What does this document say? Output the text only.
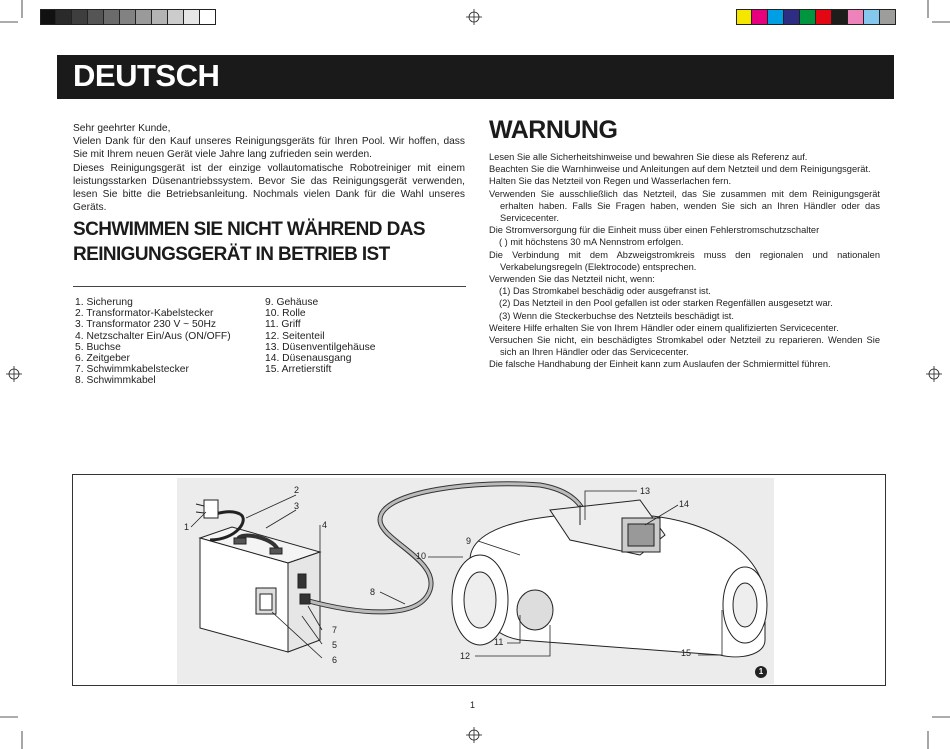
DEUTSCH

Sehr geehrter Kunde,

Vielen Dank für den Kauf unseres Reinigungsgeräts für Ihren Pool. Wir hoffen, dass Sie mit Ihrem neuen Gerät viele Jahre lang zufrieden sein werden.

Dieses Reinigungsgerät ist der einzige vollautomatische Robotreiniger mit einem leistungsstarken Düsenantriebssystem. Bevor Sie das Reinigungsgerät verwenden, lesen Sie bitte die Betriebsanleitung. Nochmals vielen Dank für die Wahl unseres Geräts.

SCHWIMMEN SIE NICHT WÄHREND DAS
REINIGUNGSGERÄT IN BETRIEB IST
1. Sicherung
2. Transformator-Kabelstecker
3. Transformator 230 V ~ 50Hz
4. Netzschalter Ein/Aus (ON/OFF)
5. Buchse
6. Zeitgeber
7. Schwimmkabelstecker
8. Schwimmkabel
9. Gehäuse
10. Rolle
11. Griff
12. Seitenteil
13. Düsenventilgehäuse
14. Düsenausgang
15. Arretierstift
WARNUNG

Lesen Sie alle Sicherheitshinweise und bewahren Sie diese als Referenz auf.

Beachten Sie die Warnhinweise und Anleitungen auf dem Netzteil und dem Reinigungsgerät.

Halten Sie das Netzteil von Regen und Wasserlachen fern.

Verwenden Sie ausschließlich das Netzteil, das Sie zusammen mit dem Reinigungsgerät erhalten haben. Falls Sie Fragen haben, wenden Sie sich an Ihren Händler oder das Servicecenter.

Die Stromversorgung für die Einheit muss über einen Fehlerstromschutzschalter

( ) mit höchstens 30 mA Nennstrom erfolgen.

Die Verbindung mit dem Abzweigstromkreis muss den regionalen und nationalen Verkabelungsregeln (Elektrocode) entsprechen.

Verwenden Sie das Netzteil nicht, wenn:

(1) Das Stromkabel beschädig oder ausgefranst ist.

(2) Das Netzteil in den Pool gefallen ist oder starken Regenfällen ausgesetzt war.

(3) Wenn die Steckerbuchse des Netzteils beschädigt ist.

Weitere Hilfe erhalten Sie von Ihrem Händler oder einem qualifizierten Servicecenter.

Versuchen Sie nicht, ein beschädigtes Stromkabel oder Netzteil zu reparieren. Wenden Sie sich an Ihren Händler oder das Servicecenter.

Die falsche Handhabung der Einheit kann zum Auslaufen der Schmiermittel führen.

1
2
3
4
5
6
7
8
9
10
11
12
13
14
15
1
1
